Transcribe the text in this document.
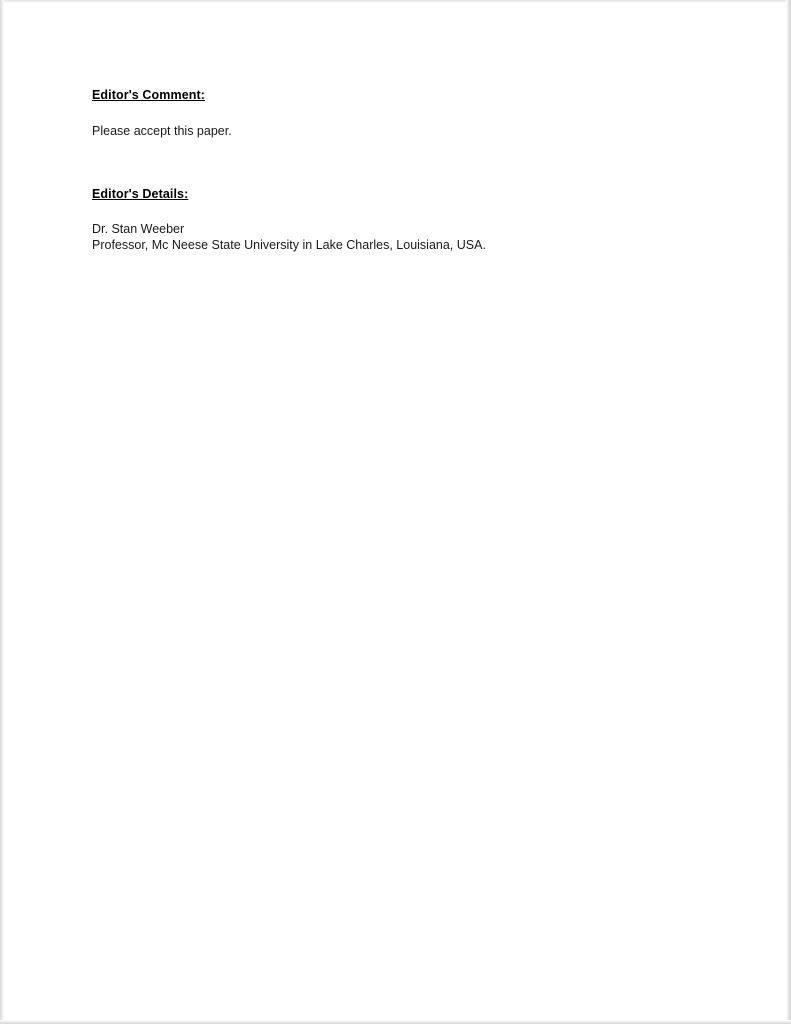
Editor's Comment:

Please accept this paper.

Editor's Details:

Dr. Stan Weeber

Professor, Mc Neese State University in Lake Charles, Louisiana, USA.
